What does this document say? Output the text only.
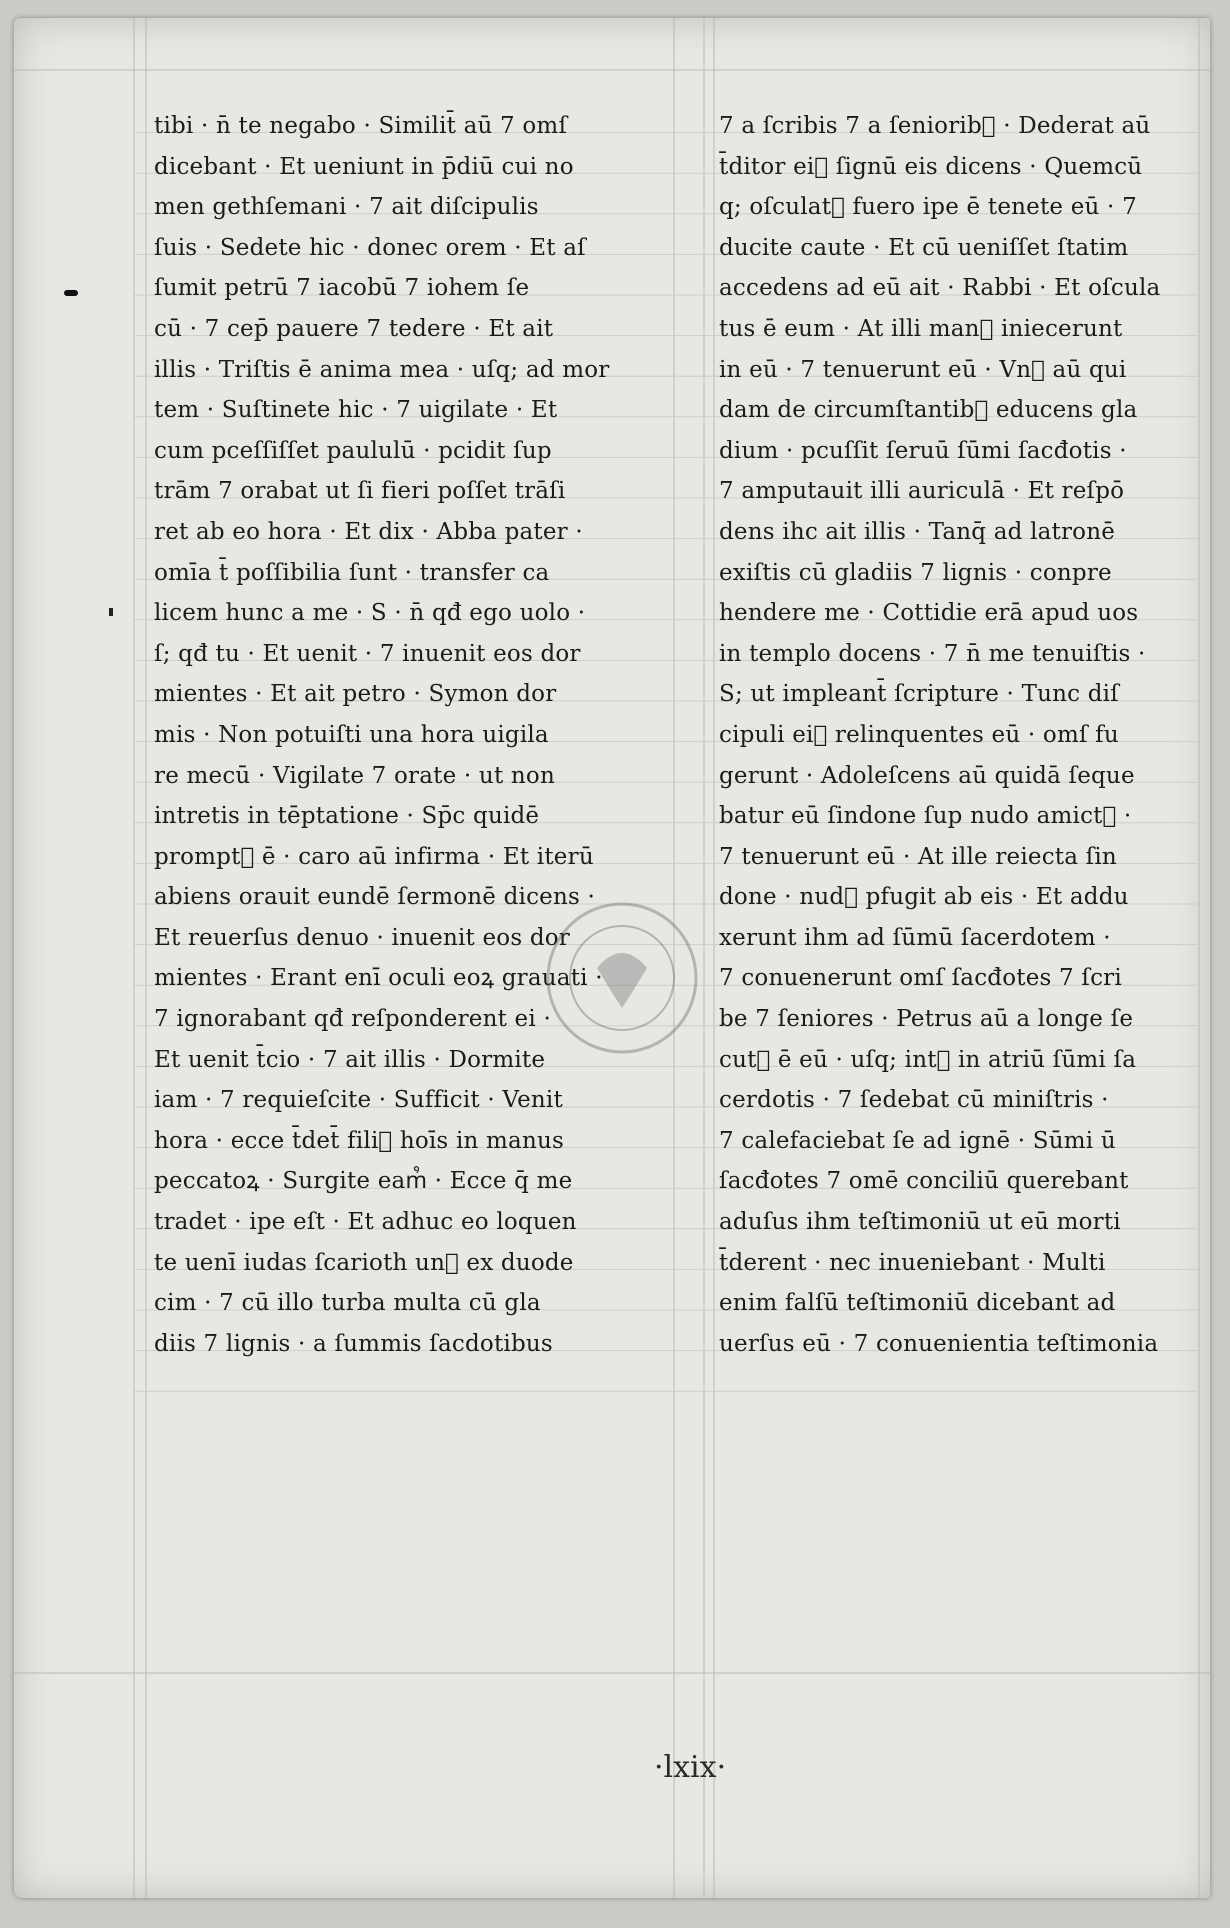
tibi · n̄ te negabo · Similit̄ aū 7 omſ
dicebant · Et ueniunt in p̄diū cui no
men gethſemani · 7 ait diſcipulis
ſuis · Sedete hic · donec orem · Et aſ
ſumit petrū 7 iacobū 7 iohem ſe
cū · 7 cep̄ pauere 7 tedere · Et ait
illis · Triſtis ē anima mea · uſq; ad mor
tem · Suſtinete hic · 7 uigilate · Et
cum pceſſiſſet paululū · pcidit ſup
trām 7 orabat ut ſi fieri poſſet trāſi
ret ab eo hora · Et dix · Abba pater ·
omīa t̄ poſſibilia ſunt · transfer ca
licem hunc a me · S · n̄ qđ ego uolo ·
ſ; qđ tu · Et uenit · 7 inuenit eos dor
mientes · Et ait petro · Symon dor
mis · Non potuiſti una hora uigila
re mecū · Vigilate 7 orate · ut non
intretis in tēptatione · Sp̄c quidē
prompt᷒ ē · caro aū infirma · Et iterū
abiens orauit eundē ſermonē dicens ·
Et reuerſus denuo · inuenit eos dor
mientes · Erant enī oculi eoꝝ grauati ·
7 ignorabant qđ reſponderent ei ·
Et uenit t̄cio · 7 ait illis · Dormite
iam · 7 requieſcite · Sufficit · Venit
hora · ecce t̄det̄ fili᷒ hoīs in manus
peccatoꝝ · Surgite eam᷒ · Ecce q̄ me
tradet · ipe eſt · Et adhuc eo loquen
te uenī iudas ſcarioth un᷒ ex duode
cim · 7 cū illo turba multa cū gla
diis 7 lignis · a ſummis ſacdotibus
7 a ſcribis 7 a ſeniorib᷒ · Dederat aū
t̄ditor ei᷒ ſignū eis dicens · Quemcū
q; oſculat᷒ fuero ipe ē tenete eū · 7
ducite caute · Et cū ueniſſet ſtatim
accedens ad eū ait · Rabbi · Et oſcula
tus ē eum · At illi man᷒ iniecerunt
in eū · 7 tenuerunt eū · Vn᷒ aū qui
dam de circumſtantib᷒ educens gla
dium · pcuſſit ſeruū ſūmi ſacđotis ·
7 amputauit illi auriculā · Et reſpō
dens ihc ait illis · Tanq̄ ad latronē
exiſtis cū gladiis 7 lignis · conpre
hendere me · Cottidie erā apud uos
in templo docens · 7 n̄ me tenuiſtis ·
S; ut impleant̄ ſcripture · Tunc diſ
cipuli ei᷒ relinquentes eū · omſ fu
gerunt · Adoleſcens aū quidā ſeque
batur eū ſindone ſup nudo amict᷒ ·
7 tenuerunt eū · At ille reiecta ſin
done · nud᷒ pfugit ab eis · Et addu
xerunt ihm ad ſūmū ſacerdotem ·
7 conuenerunt omſ ſacđotes 7 ſcri
be 7 ſeniores · Petrus aū a longe ſe
cut᷒ ē eū · uſq; int᷒ in atriū ſūmi ſa
cerdotis · 7 ſedebat cū miniſtris ·
7 calefaciebat ſe ad ignē · Sūmi ū
ſacđotes 7 omē conciliū querebant
aduſus ihm teſtimoniū ut eū morti
t̄derent · nec inueniebant · Multi
enim falſū teſtimoniū dicebant ad
uerſus eū · 7 conuenientia teſtimonia
·lxix·
